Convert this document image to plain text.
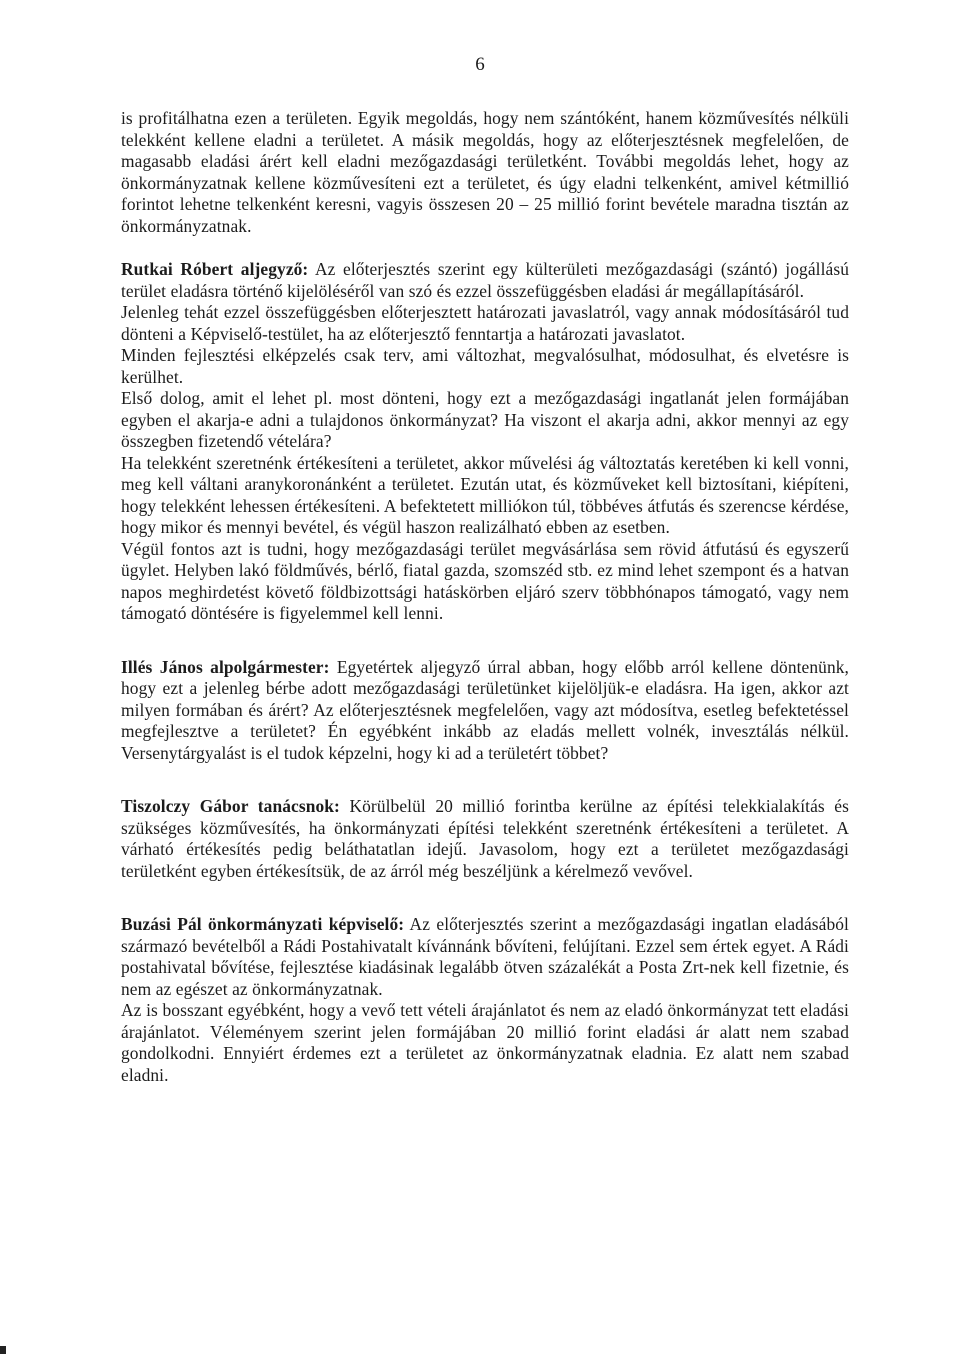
6

is profitálhatna ezen a területen. Egyik megoldás, hogy nem szántóként, hanem közművesítés nélküli telekként kellene eladni a területet. A másik megoldás, hogy az előterjesztésnek megfelelően, de magasabb eladási árért kell eladni mezőgazdasági területként. További megoldás lehet, hogy az önkormányzatnak kellene közművesíteni ezt a területet, és úgy eladni telkenként, amivel kétmillió forintot lehetne telkenként keresni, vagyis összesen 20 – 25 millió forint bevétele maradna tisztán az önkormányzatnak.

Rutkai Róbert aljegyző: Az előterjesztés szerint egy külterületi mezőgazdasági (szántó) jogállású terület eladásra történő kijelöléséről van szó és ezzel összefüggésben eladási ár megállapításáról.

Jelenleg tehát ezzel összefüggésben előterjesztett határozati javaslatról, vagy annak módosításáról tud dönteni a Képviselő-testület, ha az előterjesztő fenntartja a határozati javaslatot.

Minden fejlesztési elképzelés csak terv, ami változhat, megvalósulhat, módosulhat, és elvetésre is kerülhet.

Első dolog, amit el lehet pl. most dönteni, hogy ezt a mezőgazdasági ingatlanát jelen formájában egyben el akarja-e adni a tulajdonos önkormányzat? Ha viszont el akarja adni, akkor mennyi az egy összegben fizetendő vételára?

Ha telekként szeretnénk értékesíteni a területet, akkor művelési ág változtatás keretében ki kell vonni, meg kell váltani aranykoronánként a területet. Ezután utat, és közműveket kell biztosítani, kiépíteni, hogy telekként lehessen értékesíteni. A befektetett milliókon túl, többéves átfutás és szerencse kérdése, hogy mikor és mennyi bevétel, és végül haszon realizálható ebben az esetben.

Végül fontos azt is tudni, hogy mezőgazdasági terület megvásárlása sem rövid átfutású és egyszerű ügylet. Helyben lakó földművés, bérlő, fiatal gazda, szomszéd stb. ez mind lehet szempont és a hatvan napos meghirdetést követő földbizottsági hatáskörben eljáró szerv többhónapos támogató, vagy nem támogató döntésére is figyelemmel kell lenni.

Illés János alpolgármester: Egyetértek aljegyző úrral abban, hogy előbb arról kellene döntenünk, hogy ezt a jelenleg bérbe adott mezőgazdasági területünket kijelöljük-e eladásra. Ha igen, akkor azt milyen formában és árért? Az előterjesztésnek megfelelően, vagy azt módosítva, esetleg befektetéssel megfejlesztve a területet? Én egyébként inkább az eladás mellett volnék, invesztálás nélkül. Versenytárgyalást is el tudok képzelni, hogy ki ad a területért többet?

Tiszolczy Gábor tanácsnok: Körülbelül 20 millió forintba kerülne az építési telekkialakítás és szükséges közművesítés, ha önkormányzati építési telekként szeretnénk értékesíteni a területet. A várható értékesítés pedig beláthatatlan idejű. Javasolom, hogy ezt a területet mezőgazdasági területként egyben értékesítsük, de az árról még beszéljünk a kérelmező vevővel.

Buzási Pál önkormányzati képviselő: Az előterjesztés szerint a mezőgazdasági ingatlan eladásából származó bevételből a Rádi Postahivatalt kívánnánk bővíteni, felújítani. Ezzel sem értek egyet. A Rádi postahivatal bővítése, fejlesztése kiadásinak legalább ötven százalékát a Posta Zrt-nek kell fizetnie, és nem az egészet az önkormányzatnak.

Az is bosszant egyébként, hogy a vevő tett vételi árajánlatot és nem az eladó önkormányzat tett eladási árajánlatot. Véleményem szerint jelen formájában 20 millió forint eladási ár alatt nem szabad gondolkodni. Ennyiért érdemes ezt a területet az önkormányzatnak eladnia. Ez alatt nem szabad eladni.
